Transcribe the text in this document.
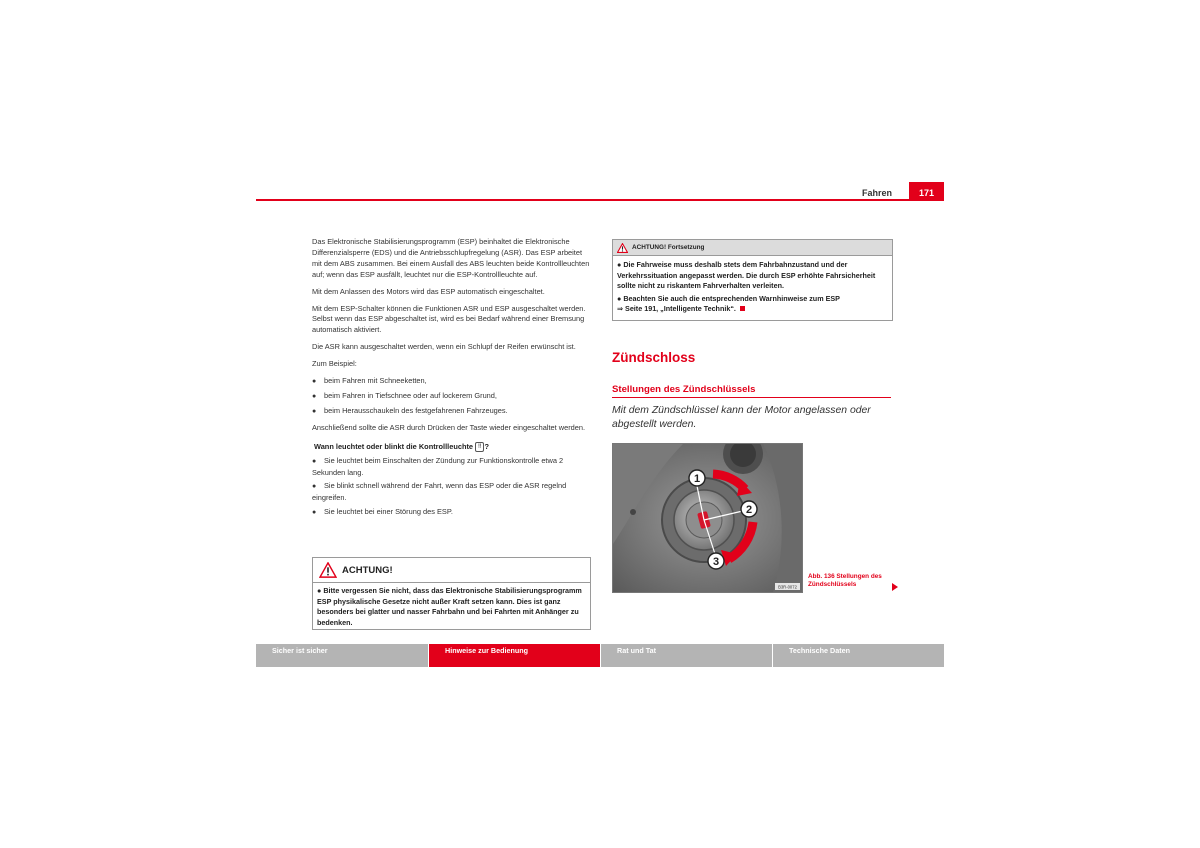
Fahren	171

Das Elektronische Stabilisierungsprogramm (ESP) beinhaltet die Elektronische Differenzialsperre (EDS) und die Antriebsschlupfregelung (ASR). Das ESP arbeitet mit dem ABS zusammen. Bei einem Ausfall des ABS leuchten beide Kontrollleuchten auf; wenn das ESP ausfällt, leuchtet nur die ESP-Kontrollleuchte auf.

Mit dem Anlassen des Motors wird das ESP automatisch eingeschaltet.

Mit dem ESP-Schalter können die Funktionen ASR und ESP ausgeschaltet werden. Selbst wenn das ESP abgeschaltet ist, wird es bei Bedarf während einer Bremsung automatisch aktiviert.

Die ASR kann ausgeschaltet werden, wenn ein Schlupf der Reifen erwünscht ist.

Zum Beispiel:

● beim Fahren mit Schneeketten,
● beim Fahren in Tiefschnee oder auf lockerem Grund,
● beim Herausschaukeln des festgefahrenen Fahrzeuges.

Anschließend sollte die ASR durch Drücken der Taste wieder eingeschaltet werden.

Wann leuchtet oder blinkt die Kontrollleuchte !! ?
● Sie leuchtet beim Einschalten der Zündung zur Funktionskontrolle etwa 2 Sekunden lang.
● Sie blinkt schnell während der Fahrt, wenn das ESP oder die ASR regelnd eingreifen.
● Sie leuchtet bei einer Störung des ESP.
ACHTUNG!
● Bitte vergessen Sie nicht, dass das Elektronische Stabilisierungsprogramm ESP physikalische Gesetze nicht außer Kraft setzen kann. Dies ist ganz besonders bei glatter und nasser Fahrbahn und bei Fahrten mit Anhänger zu bedenken.
ACHTUNG! Fortsetzung

● Die Fahrweise muss deshalb stets dem Fahrbahnzustand und der Verkehrssituation angepasst werden. Die durch ESP erhöhte Fahrsicherheit sollte nicht zu riskantem Fahrverhalten verleiten.

● Beachten Sie auch die entsprechenden Warnhinweise zum ESP
⇒ Seite 191, „Intelligente Technik“.

Zündschloss
Stellungen des Zündschlüssels
Mit dem Zündschlüssel kann der Motor angelassen oder abgestellt werden.
1
2
3
B3R-0072
Abb. 136 Stellungen des Zündschlüssels
Sicher ist sicher	Hinweise zur Bedienung	Rat und Tat	Technische Daten
